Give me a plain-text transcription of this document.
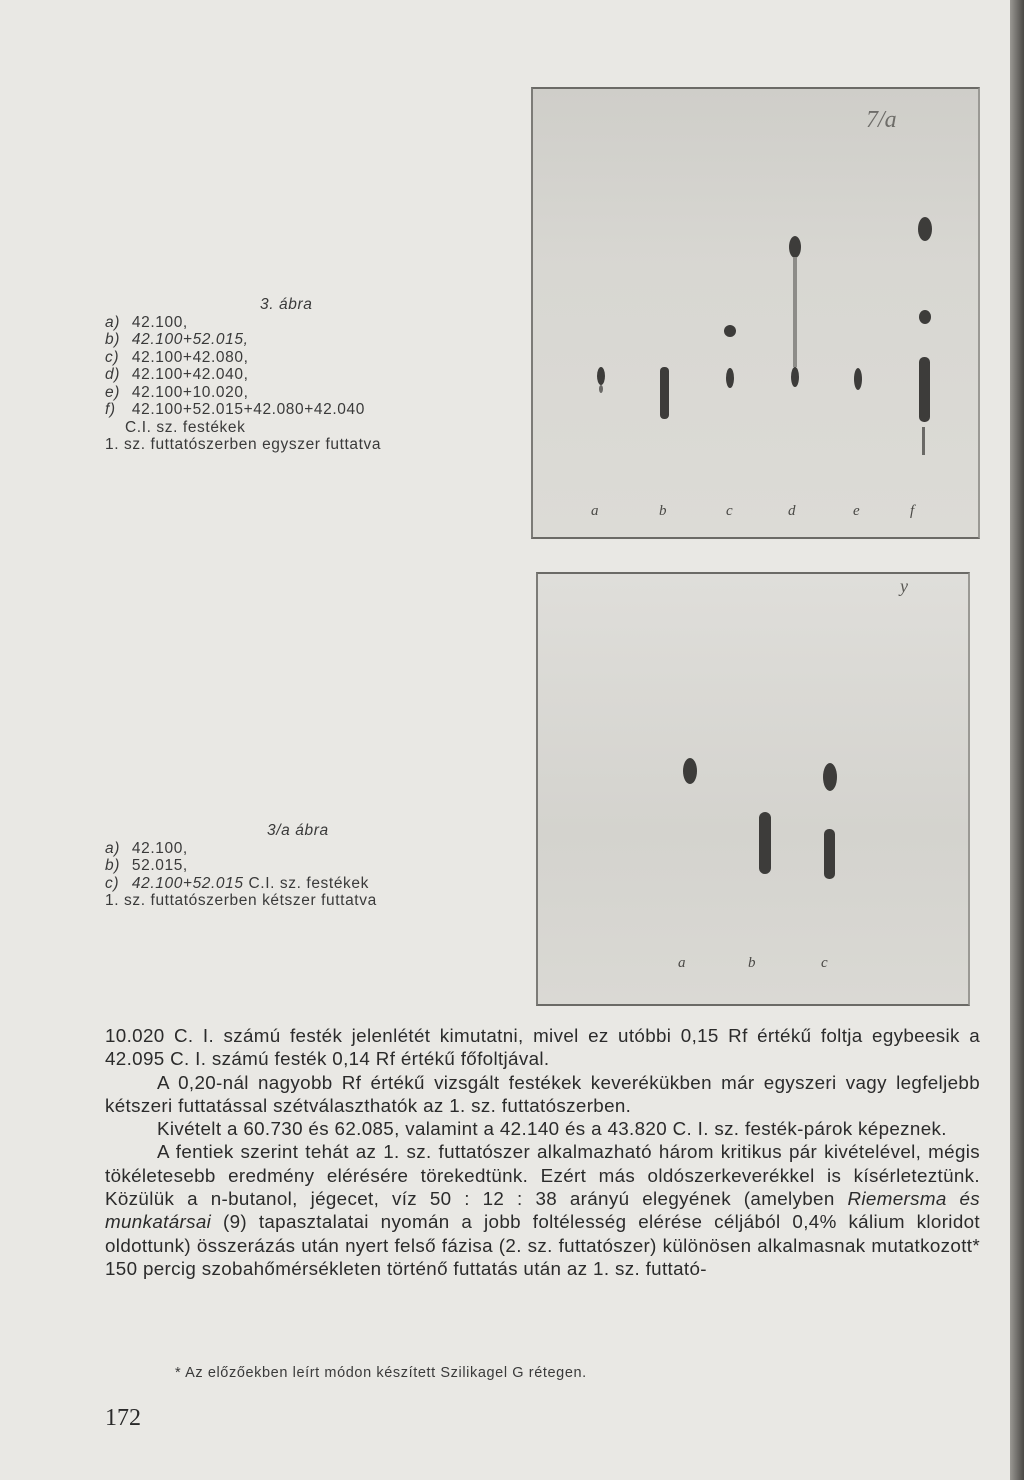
3. ábra
a) 42.100,
b) 42.100+52.015,
c) 42.100+42.080,
d) 42.100+42.040,
e) 42.100+10.020,
f) 42.100+52.015+42.080+42.040
C.I. sz. festékek
1. sz. futtatószerben egyszer futtatva
a	b	c	d	e	f
7/a
3/a ábra
a) 42.100,
b) 52.015,
c) 42.100+52.015 C.I. sz. festékek
1. sz. futtatószerben kétszer futtatva
a	b	c
y

10.020 C. I. számú festék jelenlétét kimutatni, mivel ez utóbbi 0,15 Rf értékű foltja egybeesik a 42.095 C. I. számú festék 0,14 Rf értékű főfoltjával.

A 0,20-nál nagyobb Rf értékű vizsgált festékek keverékükben már egyszeri vagy legfeljebb kétszeri futtatással szétválaszthatók az 1. sz. futtatószerben.

Kivételt a 60.730 és 62.085, valamint a 42.140 és a 43.820 C. I. sz. festék-párok képeznek.

A fentiek szerint tehát az 1. sz. futtatószer alkalmazható három kritikus pár kivételével, mégis tökéletesebb eredmény elérésére törekedtünk. Ezért más oldószerkeverékkel is kísérleteztünk. Közülük a n-butanol, jégecet, víz 50 : 12 : 38 arányú elegyének (amelyben Riemersma és munkatársai (9) tapasztalatai nyomán a jobb foltélesség elérése céljából 0,4% kálium kloridot oldottunk) összerázás után nyert felső fázisa (2. sz. futtatószer) különösen alkalmasnak mutatkozott* 150 percig szobahőmérsékleten történő futtatás után az 1. sz. futtató-

* Az előzőekben leírt módon készített Szilikagel G rétegen.
172
